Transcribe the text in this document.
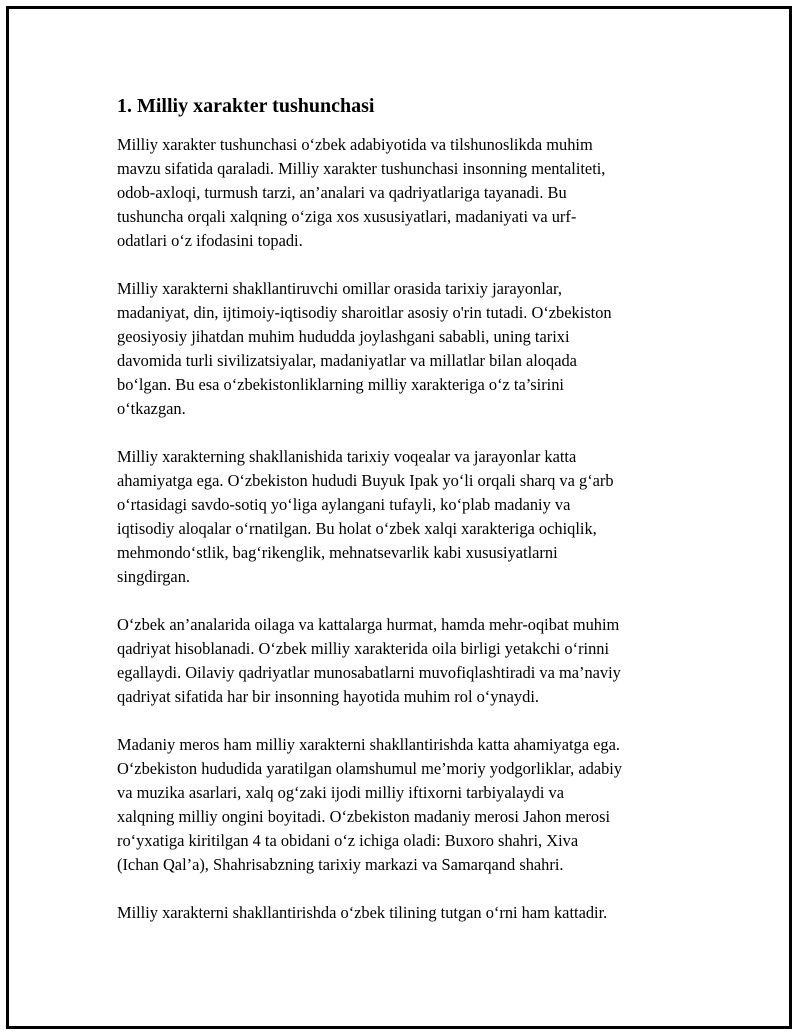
1. Milliy xarakter tushunchasi

Milliy xarakter tushunchasi o‘zbek adabiyotida va tilshunoslikda muhim
mavzu sifatida qaraladi. Milliy xarakter tushunchasi insonning mentaliteti,
odob-axloqi, turmush tarzi, an’analari va qadriyatlariga tayanadi. Bu
tushuncha orqali xalqning o‘ziga xos xususiyatlari, madaniyati va urf-
odatlari o‘z ifodasini topadi.

Milliy xarakterni shakllantiruvchi omillar orasida tarixiy jarayonlar,
madaniyat, din, ijtimoiy-iqtisodiy sharoitlar asosiy o'rin tutadi. O‘zbekiston
geosiyosiy jihatdan muhim hududda joylashgani sababli, uning tarixi
davomida turli sivilizatsiyalar, madaniyatlar va millatlar bilan aloqada
bo‘lgan. Bu esa o‘zbekistonliklarning milliy xarakteriga o‘z ta’sirini
o‘tkazgan.

Milliy xarakterning shakllanishida tarixiy voqealar va jarayonlar katta
ahamiyatga ega. O‘zbekiston hududi Buyuk Ipak yo‘li orqali sharq va g‘arb
o‘rtasidagi savdo-sotiq yo‘liga aylangani tufayli, ko‘plab madaniy va
iqtisodiy aloqalar o‘rnatilgan. Bu holat o‘zbek xalqi xarakteriga ochiqlik,
mehmondo‘stlik, bag‘rikenglik, mehnatsevarlik kabi xususiyatlarni
singdirgan.

O‘zbek an’analarida oilaga va kattalarga hurmat, hamda mehr-oqibat muhim
qadriyat hisoblanadi. O‘zbek milliy xarakterida oila birligi yetakchi o‘rinni
egallaydi. Oilaviy qadriyatlar munosabatlarni muvofiqlashtiradi va ma’naviy
qadriyat sifatida har bir insonning hayotida muhim rol o‘ynaydi.

Madaniy meros ham milliy xarakterni shakllantirishda katta ahamiyatga ega.
O‘zbekiston hududida yaratilgan olamshumul me’moriy yodgorliklar, adabiy
va muzika asarlari, xalq og‘zaki ijodi milliy iftixorni tarbiyalaydi va
xalqning milliy ongini boyitadi. O‘zbekiston madaniy merosi Jahon merosi
ro‘yxatiga kiritilgan 4 ta obidani o‘z ichiga oladi: Buxoro shahri, Xiva
(Ichan Qal’a), Shahrisabzning tarixiy markazi va Samarqand shahri.

Milliy xarakterni shakllantirishda o‘zbek tilining tutgan o‘rni ham kattadir.
